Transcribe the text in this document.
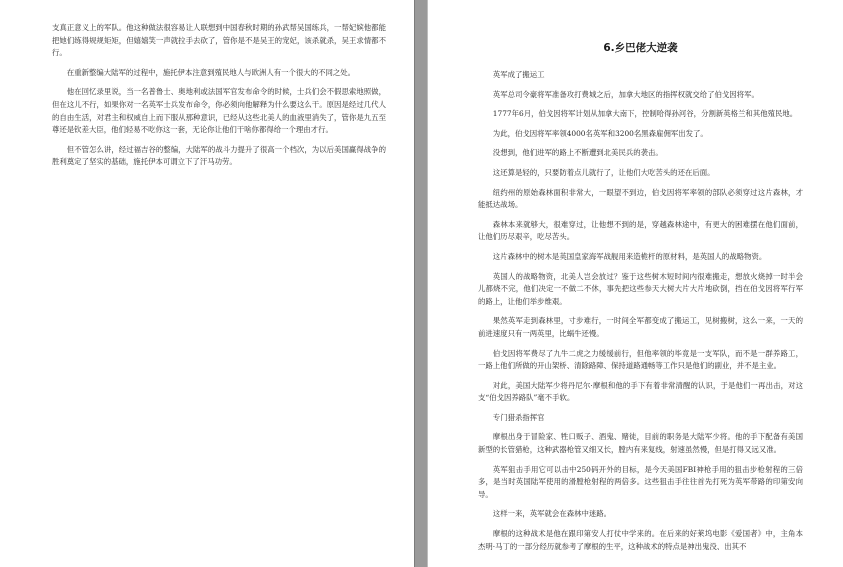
支真正意义上的军队。他这种做法很容易让人联想到中国春秋时期的孙武帮吴国练兵，一帮妃嫔他都能把她们练得规规矩矩，但嬉嬉笑一声就拉手去砍了，管你是不是吴王的宠妃，该杀就杀，吴王求情都不行。

在重新整编大陆军的过程中，施托伊本注意到殖民地人与欧洲人有一个很大的不同之处。

他在回忆录里说，当一名普鲁士、奥地利或法国军官发布命令的时候，士兵们会不假思索地照做，但在这儿不行，如果你对一名英军士兵发布命令，你必须向他解释为什么要这么干。原因是经过几代人的自由生活，对君主和权威自上而下服从那种意识，已经从这些北美人的血液里消失了，管你是九五至尊还是钦差大臣，他们轻易不吃你这一套，无论你让他们干啥你都得给一个理由才行。

但不管怎么讲，经过福吉谷的整编，大陆军的战斗力提升了很高一个档次，为以后美国赢得战争的胜利奠定了坚实的基础，施托伊本可谓立下了汗马功劳。

6.乡巴佬大逆袭

英军成了搬运工

英军总司令豪将军准备攻打费城之后，加拿大地区的指挥权就交给了伯戈因将军。

1777年6月，伯戈因将军计划从加拿大南下，控制哈得孙河谷，分割新英格兰和其他殖民地。

为此，伯戈因将军率领4000名英军和3200名黑森雇佣军出发了。

没想到，他们进军的路上不断遭到北美民兵的袭击。

这还算是轻的，只要防着点儿就行了，让他们大吃苦头的还在后面。

纽约州的原始森林面积非常大，一眼望不到边，伯戈因将军率领的部队必须穿过这片森林，才能抵达战场。

森林本来就够大，很难穿过，让他想不到的是，穿越森林途中，有更大的困难摆在他们面前，让他们历尽艰辛，吃尽苦头。

这片森林中的树木是英国皇家海军战舰用来造桅杆的原材料，是英国人的战略物资。

英国人的战略物资，北美人岂会放过？鉴于这些树木短时间内很难搬走，想放火烧掉一时半会儿都烧不完，他们决定一不做二不休，事先把这些参天大树大片大片地砍倒，挡在伯戈因将军行军的路上，让他们举步维艰。

果然英军走到森林里，寸步难行，一时间全军都变成了搬运工，见树搬树，这么一来，一天的前进速度只有一两英里，比蜗牛还慢。

伯戈因将军费尽了九牛二虎之力缓缓前行，但他率领的毕竟是一支军队，而不是一群养路工，一路上他们所做的开山架桥、清除路障、保持道路通畅等工作只是他们的副业，并不是主业。

对此，美国大陆军少将丹尼尔·摩根和他的手下有着非常清醒的认识，于是他们一再出击，对这支“伯戈因养路队”毫不手软。

专门猎杀指挥官

摩根出身于冒险家、牲口贩子、酒鬼、赌徒，目前的职务是大陆军少将。他的手下配备有美国新型的长管猎枪，这种武器枪管又细又长，膛内有来复线，射速虽然慢，但是打得又远又准。

英军狙击手用它可以击中250码开外的目标，是今天美国FBI神枪手用的狙击步枪射程的三倍多，是当时英国陆军使用的滑膛枪射程的两倍多。这些狙击手往往首先打死为英军带路的印第安向导。

这样一来，英军就会在森林中迷路。

摩根的这种战术是他在跟印第安人打仗中学来的。在后来的好莱坞电影《爱国者》中，主角本杰明·马丁的一部分经历就参考了摩根的生平，这种战术的特点是神出鬼没、出其不
